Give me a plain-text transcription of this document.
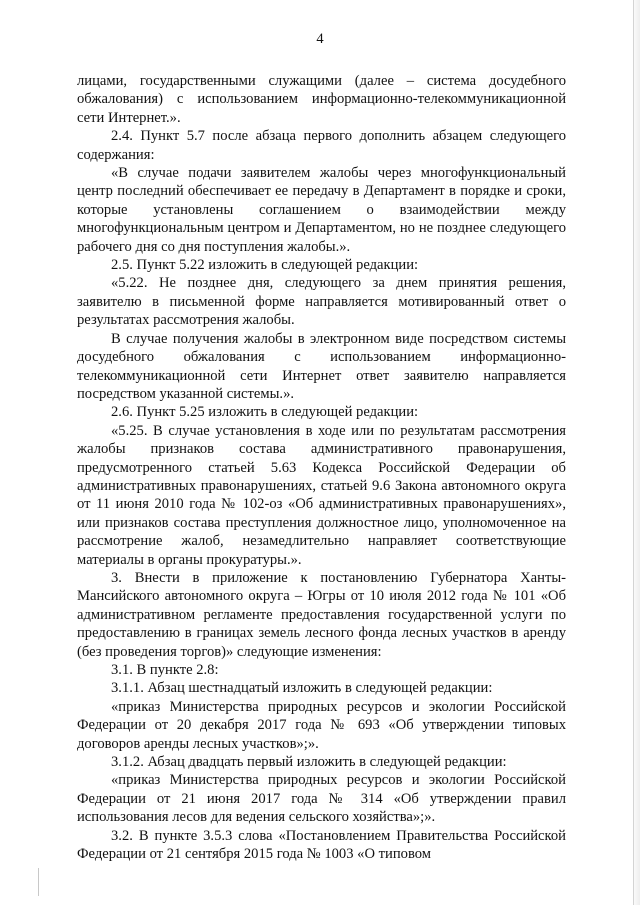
4

лицами, государственными служащими (далее – система досудебного обжалования) с использованием информационно-телекоммуникационной сети Интернет.».

2.4. Пункт 5.7 после абзаца первого дополнить абзацем следующего содержания:

«В случае подачи заявителем жалобы через многофункциональный центр последний обеспечивает ее передачу в Департамент в порядке и сроки, которые установлены соглашением о взаимодействии между многофункциональным центром и Департаментом, но не позднее следующего рабочего дня со дня поступления жалобы.».

2.5. Пункт 5.22 изложить в следующей редакции:

«5.22. Не позднее дня, следующего за днем принятия решения, заявителю в письменной форме направляется мотивированный ответ о результатах рассмотрения жалобы.

В случае получения жалобы в электронном виде посредством системы досудебного обжалования с использованием информационно-телекоммуникационной сети Интернет ответ заявителю направляется посредством указанной системы.».

2.6. Пункт 5.25 изложить в следующей редакции:

«5.25. В случае установления в ходе или по результатам рассмотрения жалобы признаков состава административного правонарушения, предусмотренного статьей 5.63 Кодекса Российской Федерации об административных правонарушениях, статьей 9.6 Закона автономного округа от 11 июня 2010 года № 102-оз «Об административных правонарушениях», или признаков состава преступления должностное лицо, уполномоченное на рассмотрение жалоб, незамедлительно направляет соответствующие материалы в органы прокуратуры.».

3. Внести в приложение к постановлению Губернатора Ханты-Мансийского автономного округа – Югры от 10 июля 2012 года № 101 «Об административном регламенте предоставления государственной услуги по предоставлению в границах земель лесного фонда лесных участков в аренду (без проведения торгов)» следующие изменения:

3.1. В пункте 2.8:

3.1.1. Абзац шестнадцатый изложить в следующей редакции:

«приказ Министерства природных ресурсов и экологии Российской Федерации от 20 декабря 2017 года № 693 «Об утверждении типовых договоров аренды лесных участков»;».

3.1.2. Абзац двадцать первый изложить в следующей редакции:

«приказ Министерства природных ресурсов и экологии Российской Федерации от 21 июня 2017 года № 314 «Об утверждении правил использования лесов для ведения сельского хозяйства»;».

3.2. В пункте 3.5.3 слова «Постановлением Правительства Российской Федерации от 21 сентября 2015 года № 1003 «О типовом
